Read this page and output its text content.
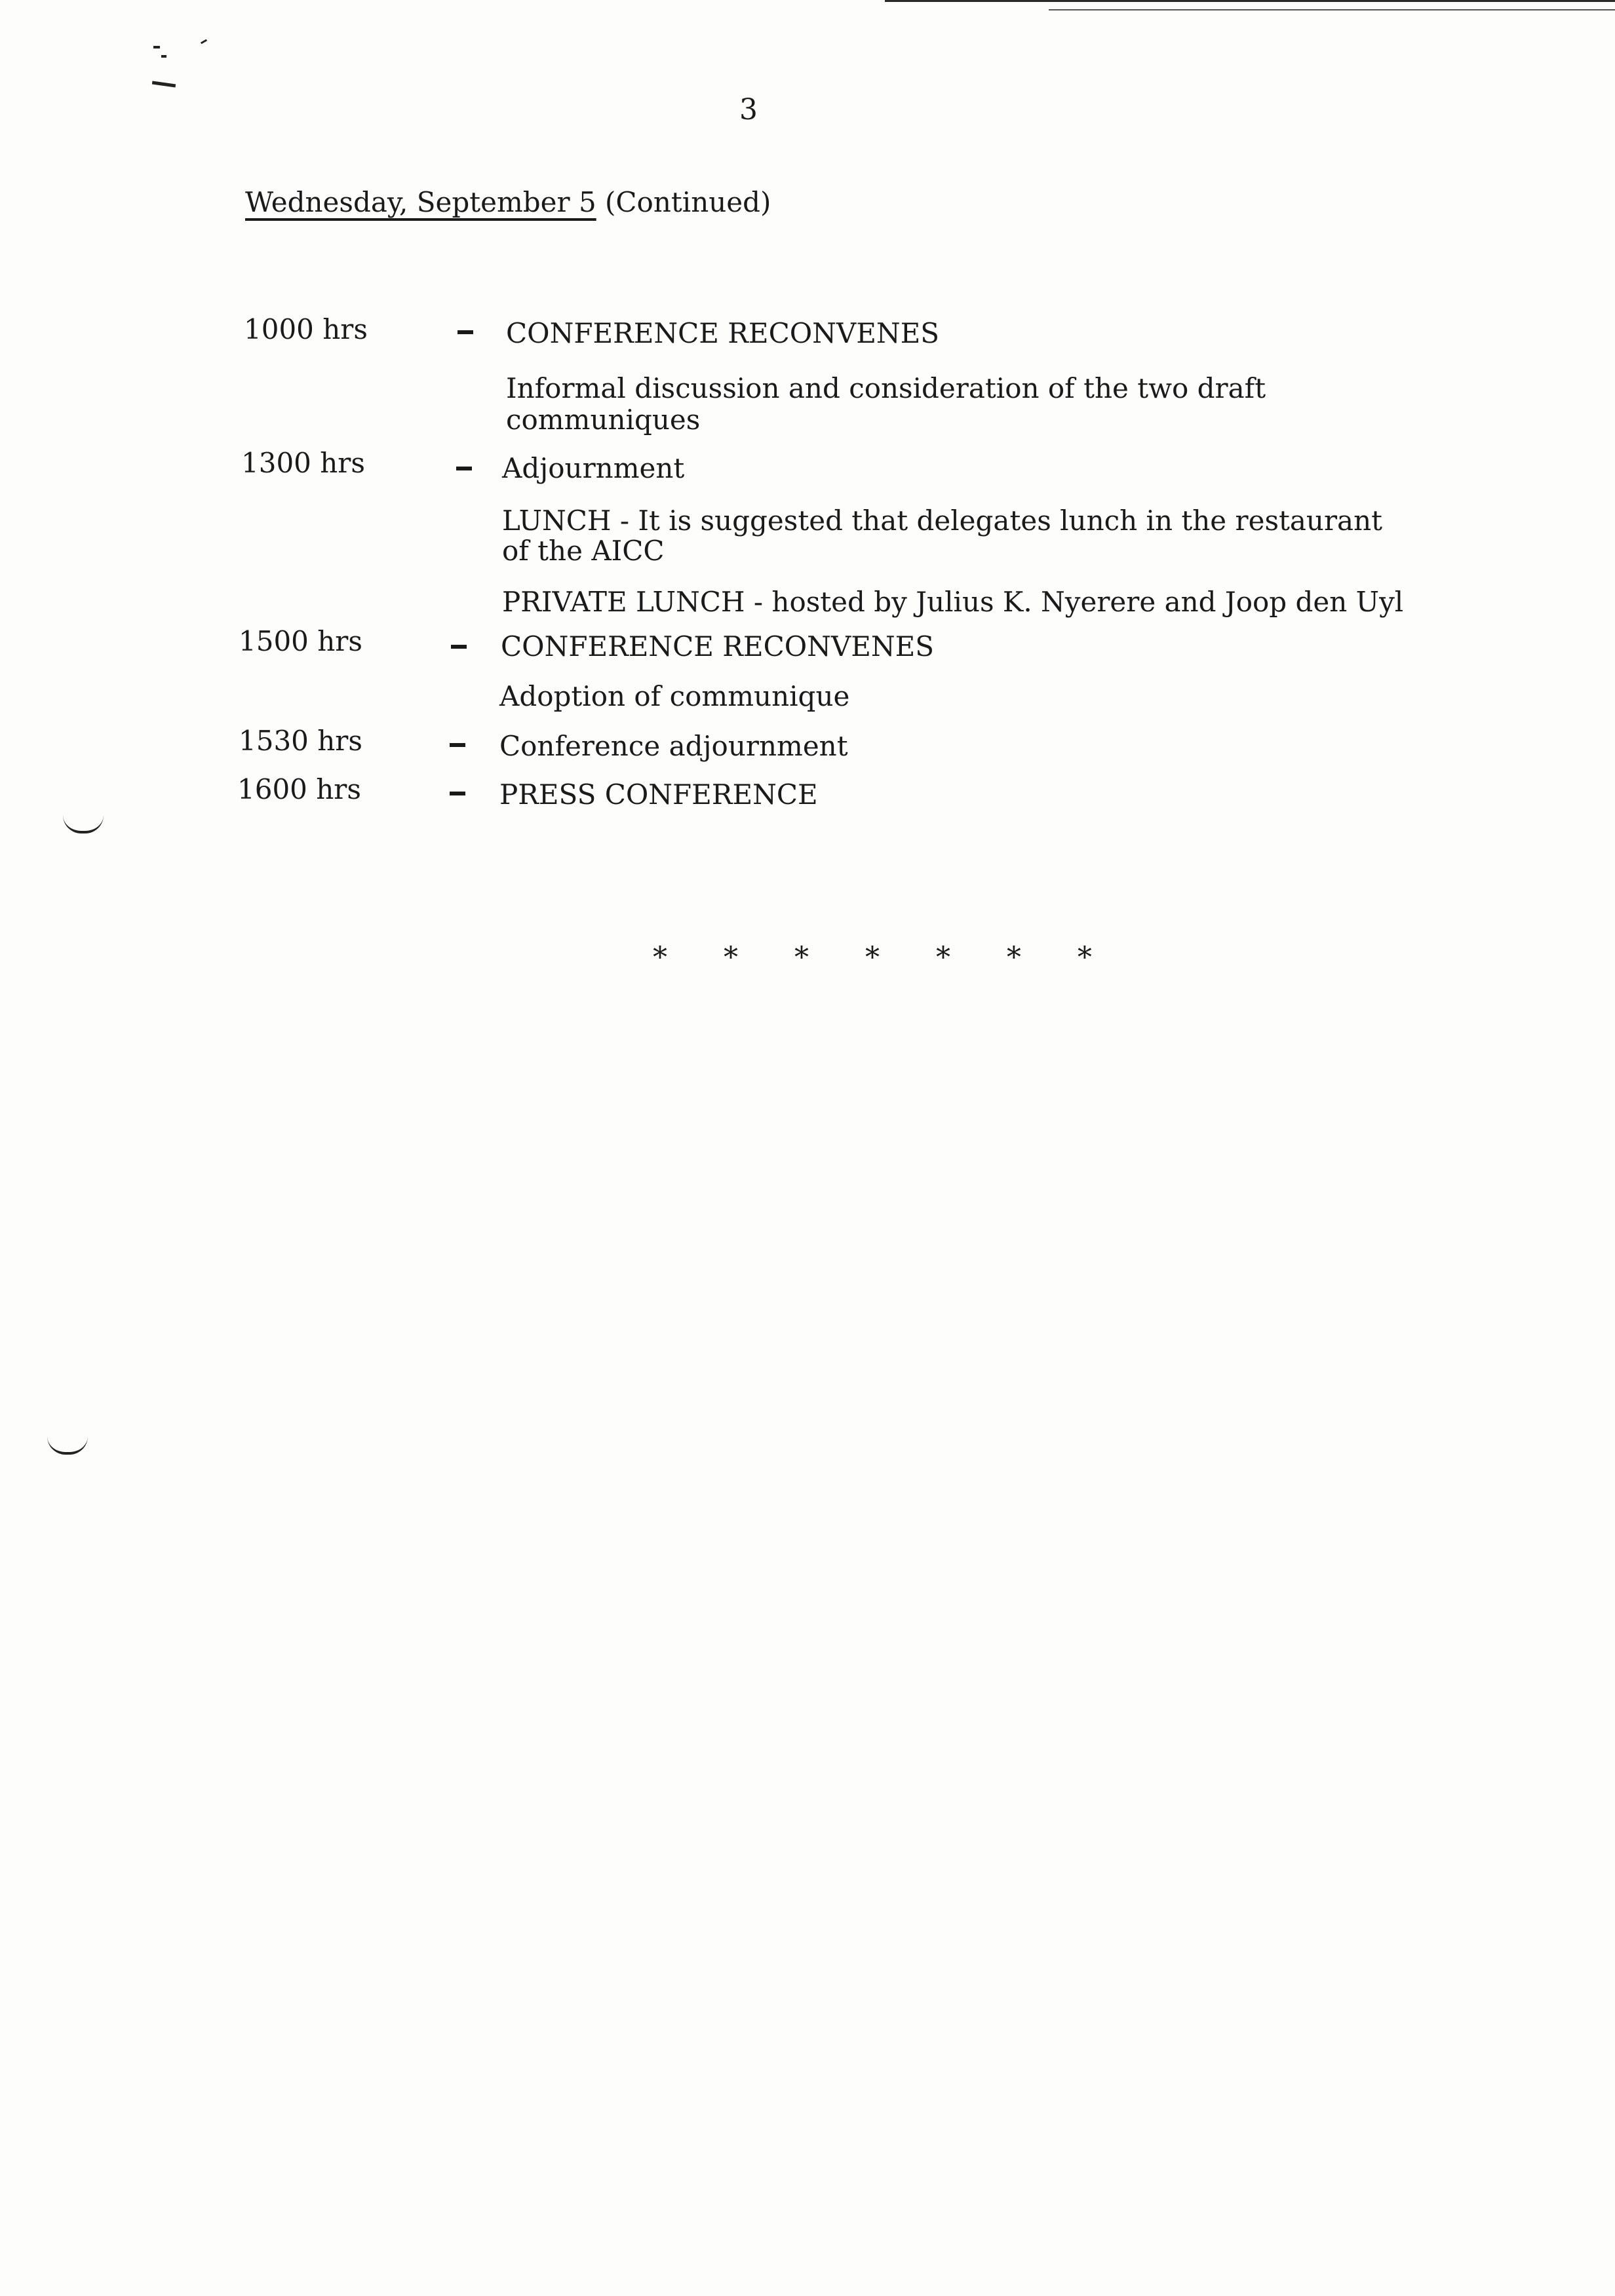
3
Wednesday, September 5 (Continued)
1000 hrs	CONFERENCE RECONVENES
Informal discussion and consideration of the two draft
communiques
1300 hrs	Adjournment
LUNCH - It is suggested that delegates lunch in the restaurant
of the AICC
PRIVATE LUNCH - hosted by Julius K. Nyerere and Joop den Uyl
1500 hrs	CONFERENCE RECONVENES
Adoption of communique
1530 hrs	Conference adjournment
1600 hrs	PRESS CONFERENCE
* * * * * * *
